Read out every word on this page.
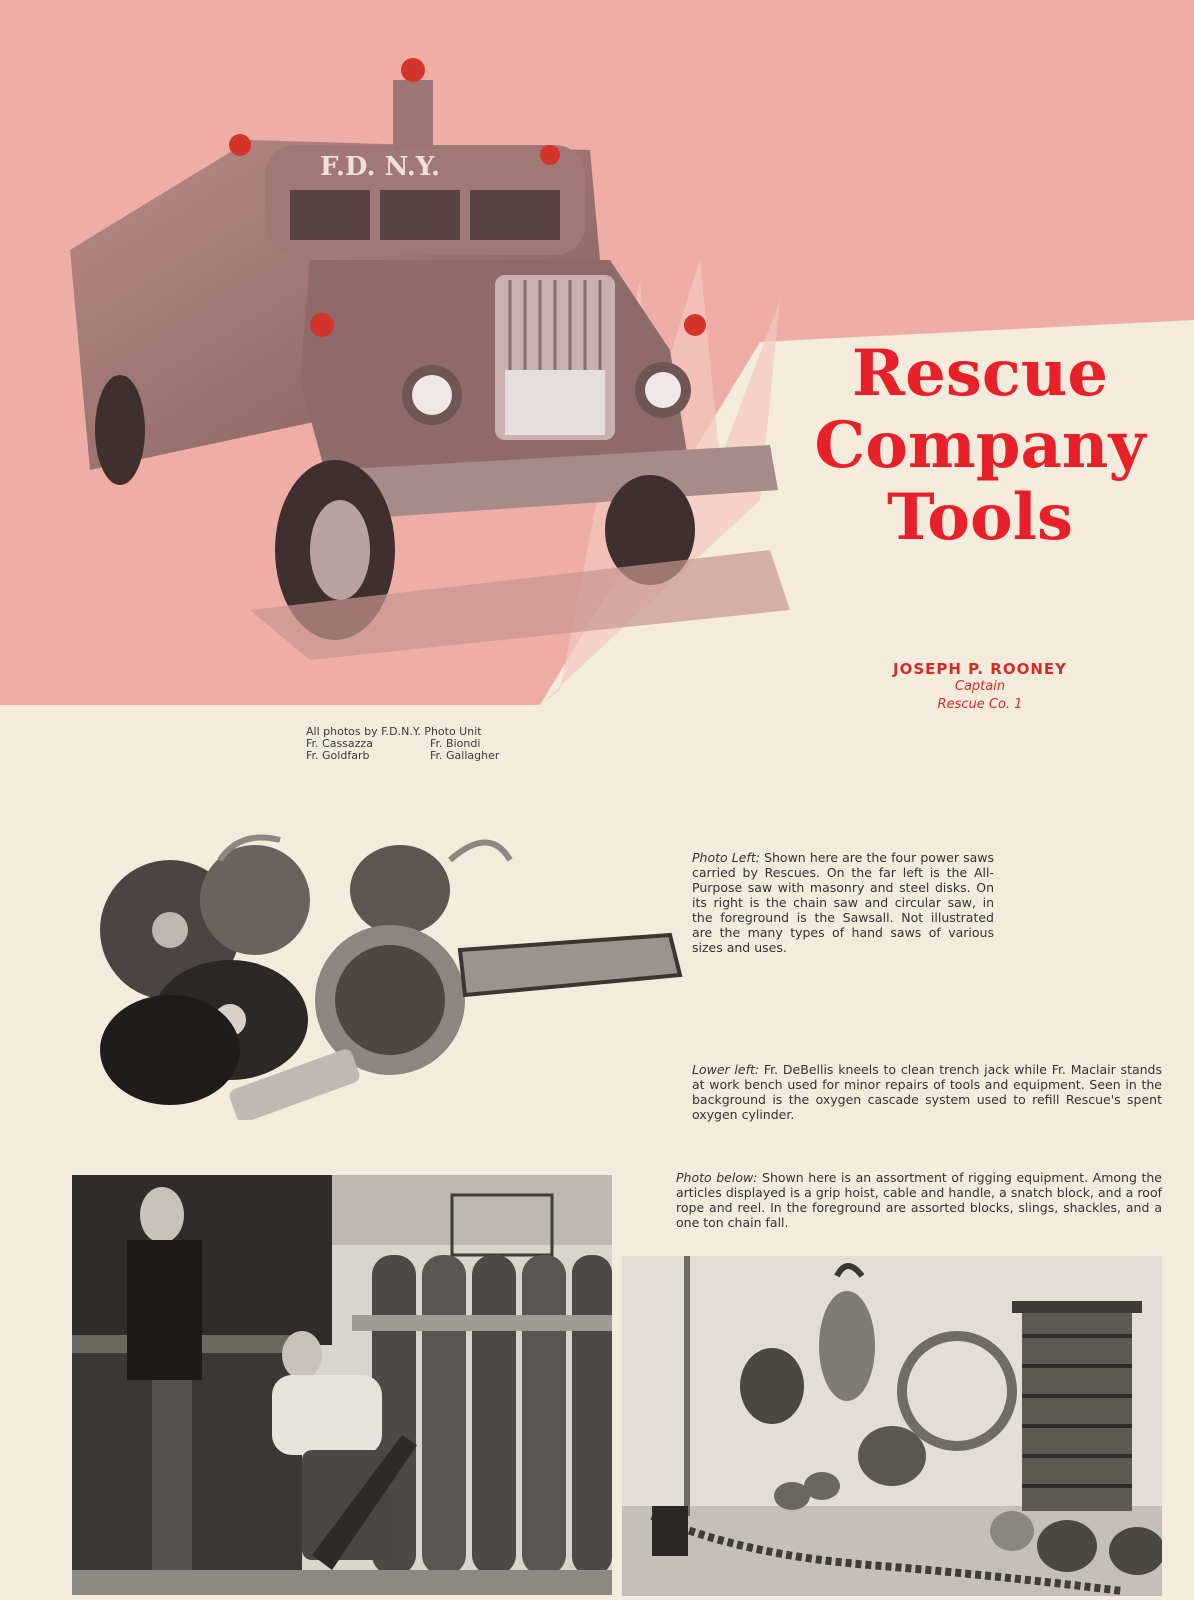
F.D. N.Y.
Rescue
Company
Tools
JOSEPH P. ROONEY
Captain
Rescue Co. 1
All photos by F.D.N.Y. Photo Unit
Fr. Cassazza	Fr. Biondi
Fr. Goldfarb	Fr. Gallagher
Photo Left: Shown here are the four power saws carried by Rescues. On the far left is the All-Purpose saw with masonry and steel disks. On its right is the chain saw and circular saw, in the foreground is the Sawsall. Not illustrated are the many types of hand saws of various sizes and uses.
Lower left: Fr. DeBellis kneels to clean trench jack while Fr. Maclair stands at work bench used for minor repairs of tools and equipment. Seen in the background is the oxygen cascade system used to refill Rescue's spent oxygen cylinder.
Photo below: Shown here is an assortment of rigging equipment. Among the articles displayed is a grip hoist, cable and handle, a snatch block, and a roof rope and reel. In the foreground are assorted blocks, slings, shackles, and a one ton chain fall.
